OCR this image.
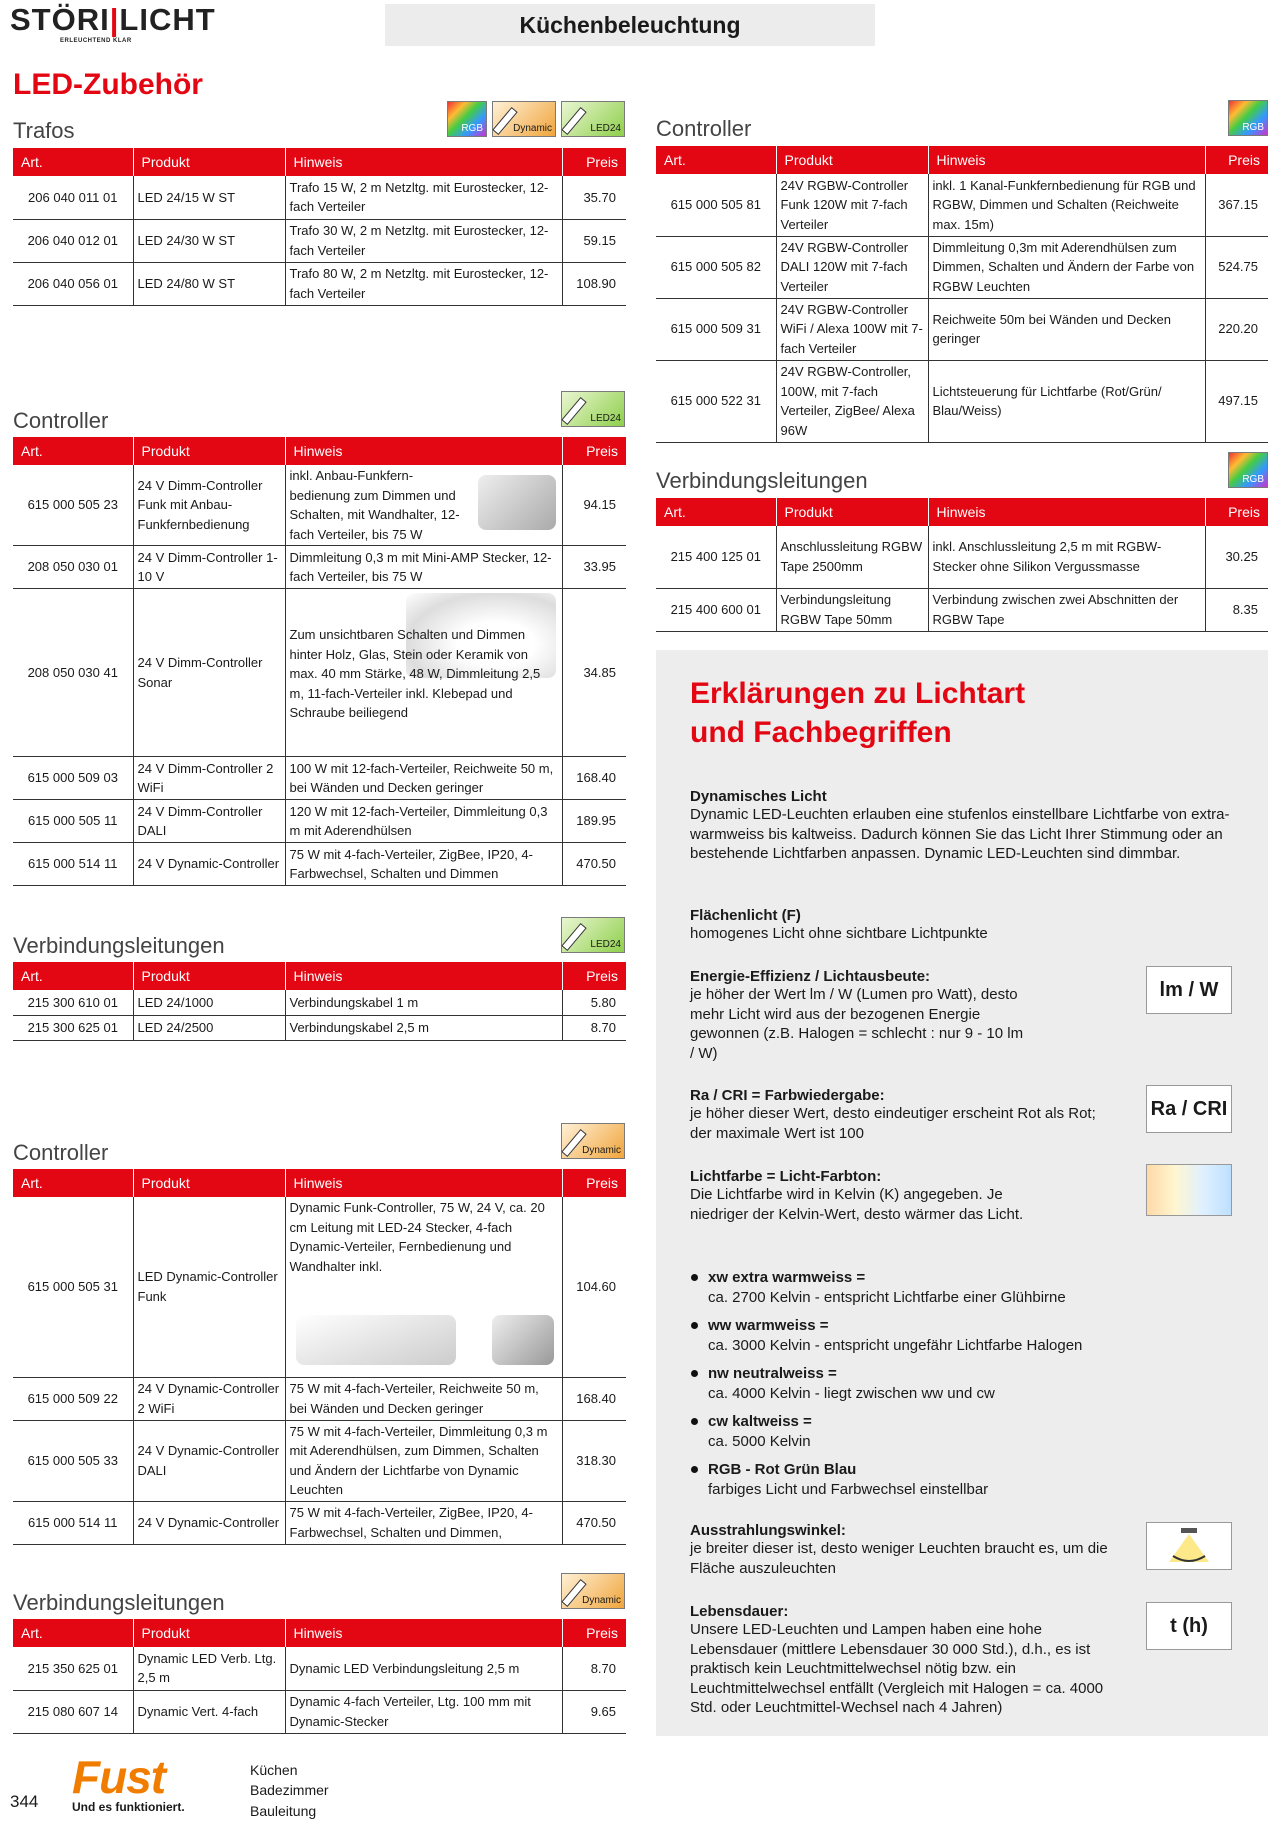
STÖRI|LICHT
ERLEUCHTEND KLAR
Küchenbeleuchtung
LED-Zubehör
Trafos	RGB	Dynamic	LED24
Art.	Produkt	Hinweis	Preis
206 040 011 01	LED 24/15 W ST	Trafo 15 W, 2 m Netzltg. mit Eurostecker, 12-fach Verteiler	35.70
206 040 012 01	LED 24/30 W ST	Trafo 30 W, 2 m Netzltg. mit Eurostecker, 12-fach Verteiler	59.15
206 040 056 01	LED 24/80 W ST	Trafo 80 W, 2 m Netzltg. mit Eurostecker, 12-fach Verteiler	108.90
Controller	LED24
Art.	Produkt	Hinweis	Preis
615 000 505 23	24 V Dimm-Controller Funk mit Anbau-Funkfernbedienung	inkl. Anbau-Funkfern-bedienung zum Dimmen und Schalten, mit Wandhalter, 12-fach Verteiler, bis 75 W	94.15
208 050 030 01	24 V Dimm-Controller 1-10 V	Dimmleitung 0,3 m mit Mini-AMP Stecker, 12-fach Verteiler, bis 75 W	33.95
208 050 030 41	24 V Dimm-Controller Sonar	Zum unsichtbaren Schalten und Dimmen hinter Holz, Glas, Stein oder Keramik von max. 40 mm Stärke, 48 W, Dimmleitung 2,5 m, 11-fach-Verteiler inkl. Klebepad und Schraube beiliegend	34.85
615 000 509 03	24 V Dimm-Controller 2 WiFi	100 W mit 12-fach-Verteiler, Reichweite 50 m, bei Wänden und Decken geringer	168.40
615 000 505 11	24 V Dimm-Controller DALI	120 W mit 12-fach-Verteiler, Dimmleitung 0,3 m mit Aderendhülsen	189.95
615 000 514 11	24 V Dynamic-Controller	75 W mit 4-fach-Verteiler, ZigBee, IP20, 4-Farbwechsel, Schalten und Dimmen	470.50
Verbindungsleitungen	LED24
Art.	Produkt	Hinweis	Preis
215 300 610 01	LED 24/1000	Verbindungskabel 1 m	5.80
215 300 625 01	LED 24/2500	Verbindungskabel 2,5 m	8.70
Controller	Dynamic
Art.	Produkt	Hinweis	Preis
615 000 505 31	LED Dynamic-Controller Funk	Dynamic Funk-Controller, 75 W, 24 V, ca. 20 cm Leitung mit LED-24 Stecker, 4-fach Dynamic-Verteiler, Fernbedienung und Wandhalter inkl.	104.60
615 000 509 22	24 V Dynamic-Controller 2 WiFi	75 W mit 4-fach-Verteiler, Reichweite 50 m, bei Wänden und Decken geringer	168.40
615 000 505 33	24 V Dynamic-Controller DALI	75 W mit 4-fach-Verteiler, Dimmleitung 0,3 m mit Aderendhülsen, zum Dimmen, Schalten und Ändern der Lichtfarbe von Dynamic Leuchten	318.30
615 000 514 11	24 V Dynamic-Controller	75 W mit 4-fach-Verteiler, ZigBee, IP20, 4-Farbwechsel, Schalten und Dimmen,	470.50
Verbindungsleitungen	Dynamic
Art.	Produkt	Hinweis	Preis
215 350 625 01	Dynamic LED Verb. Ltg. 2,5 m	Dynamic LED Verbindungsleitung 2,5 m	8.70
215 080 607 14	Dynamic Vert. 4-fach	Dynamic 4-fach Verteiler, Ltg. 100 mm mit Dynamic-Stecker	9.65
Controller	RGB
Art.	Produkt	Hinweis	Preis
615 000 505 81	24V RGBW-Controller Funk 120W mit 7-fach Verteiler	inkl. 1 Kanal-Funkfernbedienung für RGB und RGBW, Dimmen und Schalten (Reichweite max. 15m)	367.15
615 000 505 82	24V RGBW-Controller DALI 120W mit 7-fach Verteiler	Dimmleitung 0,3m mit Aderendhülsen zum Dimmen, Schalten und Ändern der Farbe von RGBW Leuchten	524.75
615 000 509 31	24V RGBW-Controller WiFi / Alexa 100W mit 7-fach Verteiler	Reichweite 50m bei Wänden und Decken geringer	220.20
615 000 522 31	24V RGBW-Controller, 100W, mit 7-fach Verteiler, ZigBee/ Alexa 96W	Lichtsteuerung für Lichtfarbe (Rot/Grün/ Blau/Weiss)	497.15
Verbindungsleitungen	RGB
Art.	Produkt	Hinweis	Preis
215 400 125 01	Anschlussleitung RGBW Tape 2500mm	inkl. Anschlussleitung 2,5 m mit RGBW-Stecker ohne Silikon Vergussmasse	30.25
215 400 600 01	Verbindungsleitung RGBW Tape 50mm	Verbindung zwischen zwei Abschnitten der RGBW Tape	8.35
Erklärungen zu Lichtart
und Fachbegriffen
Dynamisches Licht
Dynamic LED-Leuchten erlauben eine stufenlos einstellbare Lichtfarbe von extra-warmweiss bis kaltweiss. Dadurch können Sie das Licht Ihrer Stimmung oder an bestehende Lichtfarben anpassen. Dynamic LED-Leuchten sind dimmbar.
Flächenlicht (F)
homogenes Licht ohne sichtbare Lichtpunkte
Energie-Effizienz / Lichtausbeute:
je höher der Wert lm / W (Lumen pro Watt), desto mehr Licht wird aus der bezogenen Energie gewonnen (z.B. Halogen = schlecht : nur 9 - 10 lm / W)
lm / W
Ra / CRI = Farbwiedergabe:
je höher dieser Wert, desto eindeutiger erscheint Rot als Rot; der maximale Wert ist 100
Ra / CRI
Lichtfarbe = Licht-Farbton:
Die Lichtfarbe wird in Kelvin (K) angegeben. Je niedriger der Kelvin-Wert, desto wärmer das Licht.
xw extra warmweiss =
ca. 2700 Kelvin - entspricht Lichtfarbe einer Glühbirne
ww warmweiss =
ca. 3000 Kelvin - entspricht ungefähr Lichtfarbe Halogen
nw neutralweiss =
ca. 4000 Kelvin - liegt zwischen ww und cw
cw kaltweiss =
ca. 5000 Kelvin
RGB - Rot Grün Blau
farbiges Licht und Farbwechsel einstellbar
Ausstrahlungswinkel:
je breiter dieser ist, desto weniger Leuchten braucht es, um die Fläche auszuleuchten
Lebensdauer:
Unsere LED-Leuchten und Lampen haben eine hohe Lebensdauer (mittlere Lebensdauer 30 000 Std.), d.h., es ist praktisch kein Leuchtmittelwechsel nötig bzw. ein Leuchtmittelwechsel entfällt (Vergleich mit Halogen = ca. 4000 Std. oder Leuchtmittel-Wechsel nach 4 Jahren)
t (h)
344 Fust
Und es funktioniert.
Küchen
Badezimmer
Bauleitung
